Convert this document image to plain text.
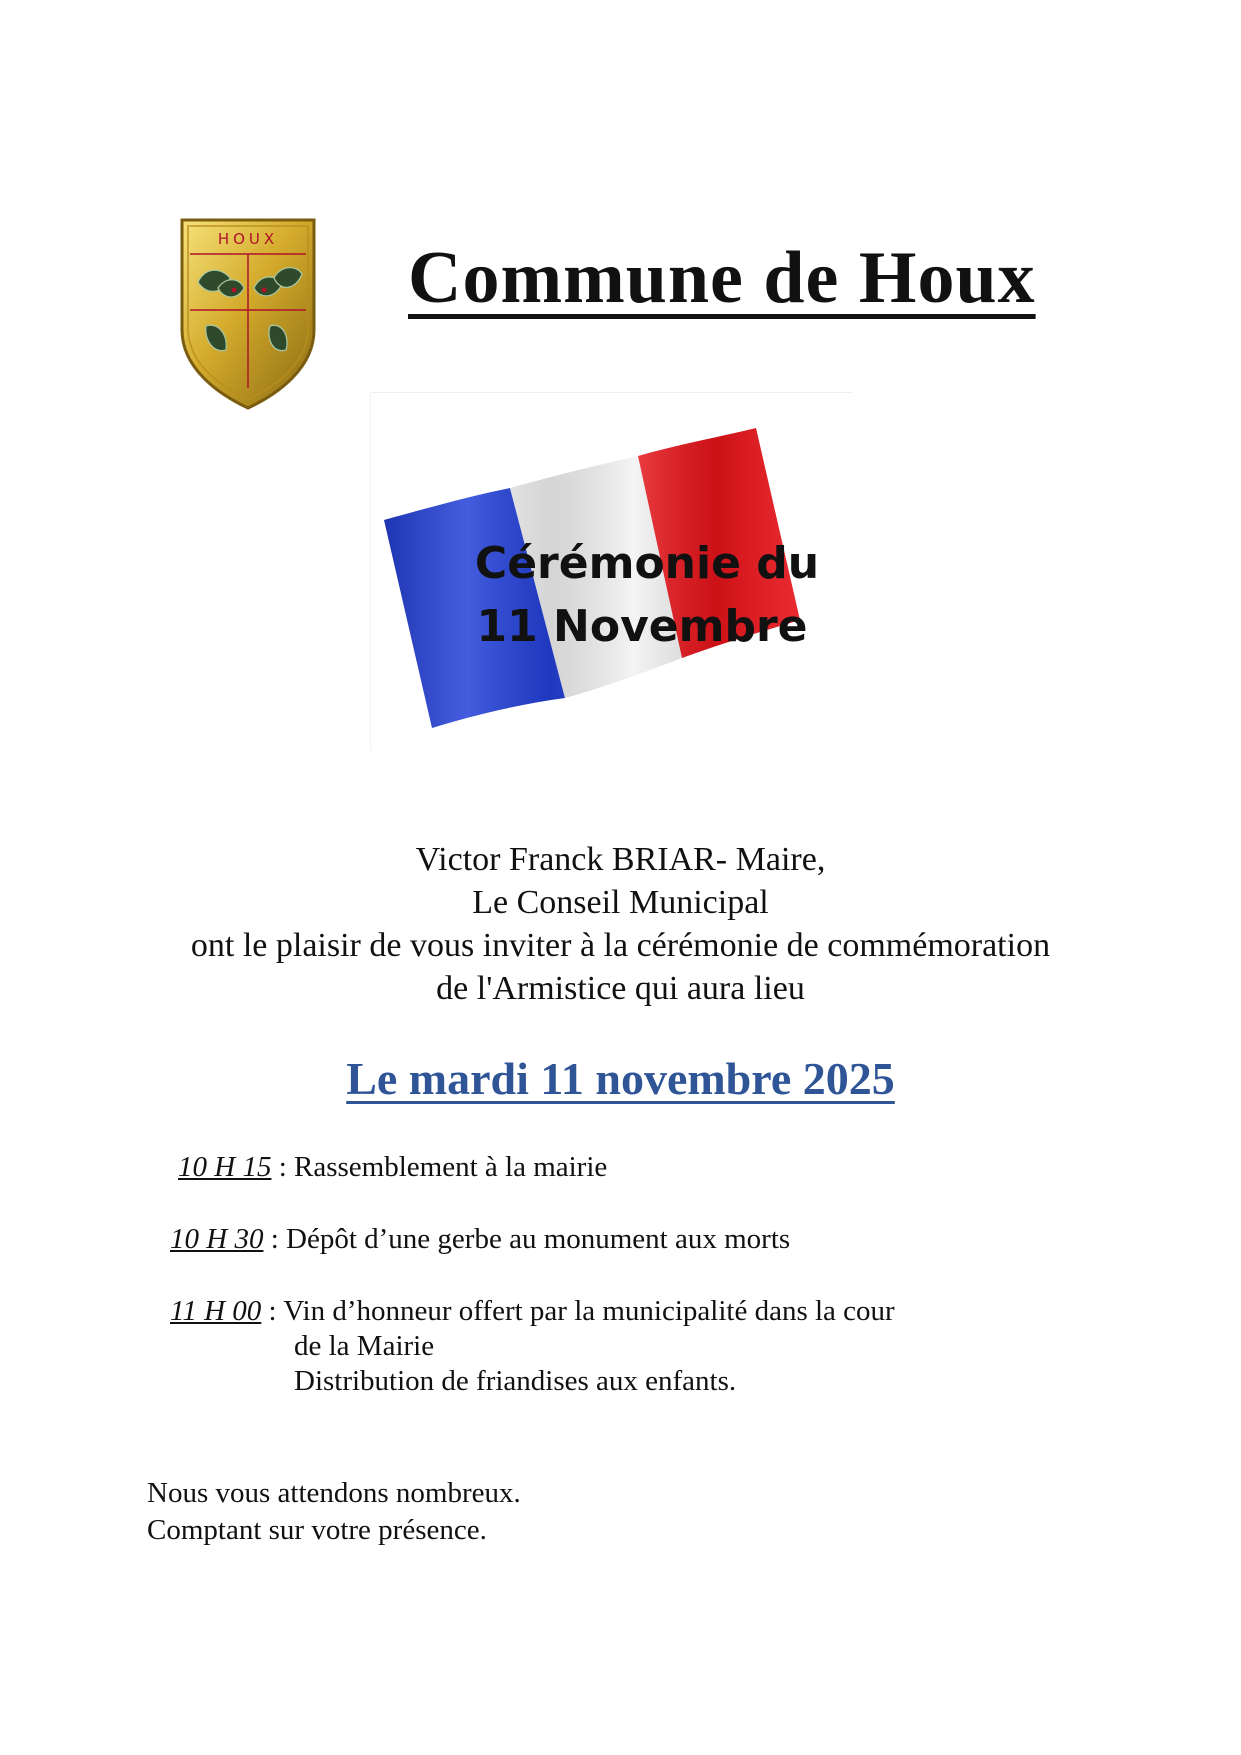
HOUX Commune de Houx
Cérémonie du
11 Novembre
Victor Franck BRIAR- Maire,
Le Conseil Municipal
ont le plaisir de vous inviter à la cérémonie de commémoration
de l'Armistice qui aura lieu
Le mardi 11 novembre 2025
10 H 15 : Rassemblement à la mairie
10 H 30 : Dépôt d’une gerbe au monument aux morts
11 H 00 : Vin d’honneur offert par la municipalité dans la cour
de la Mairie
Distribution de friandises aux enfants.
Nous vous attendons nombreux.
Comptant sur votre présence.
